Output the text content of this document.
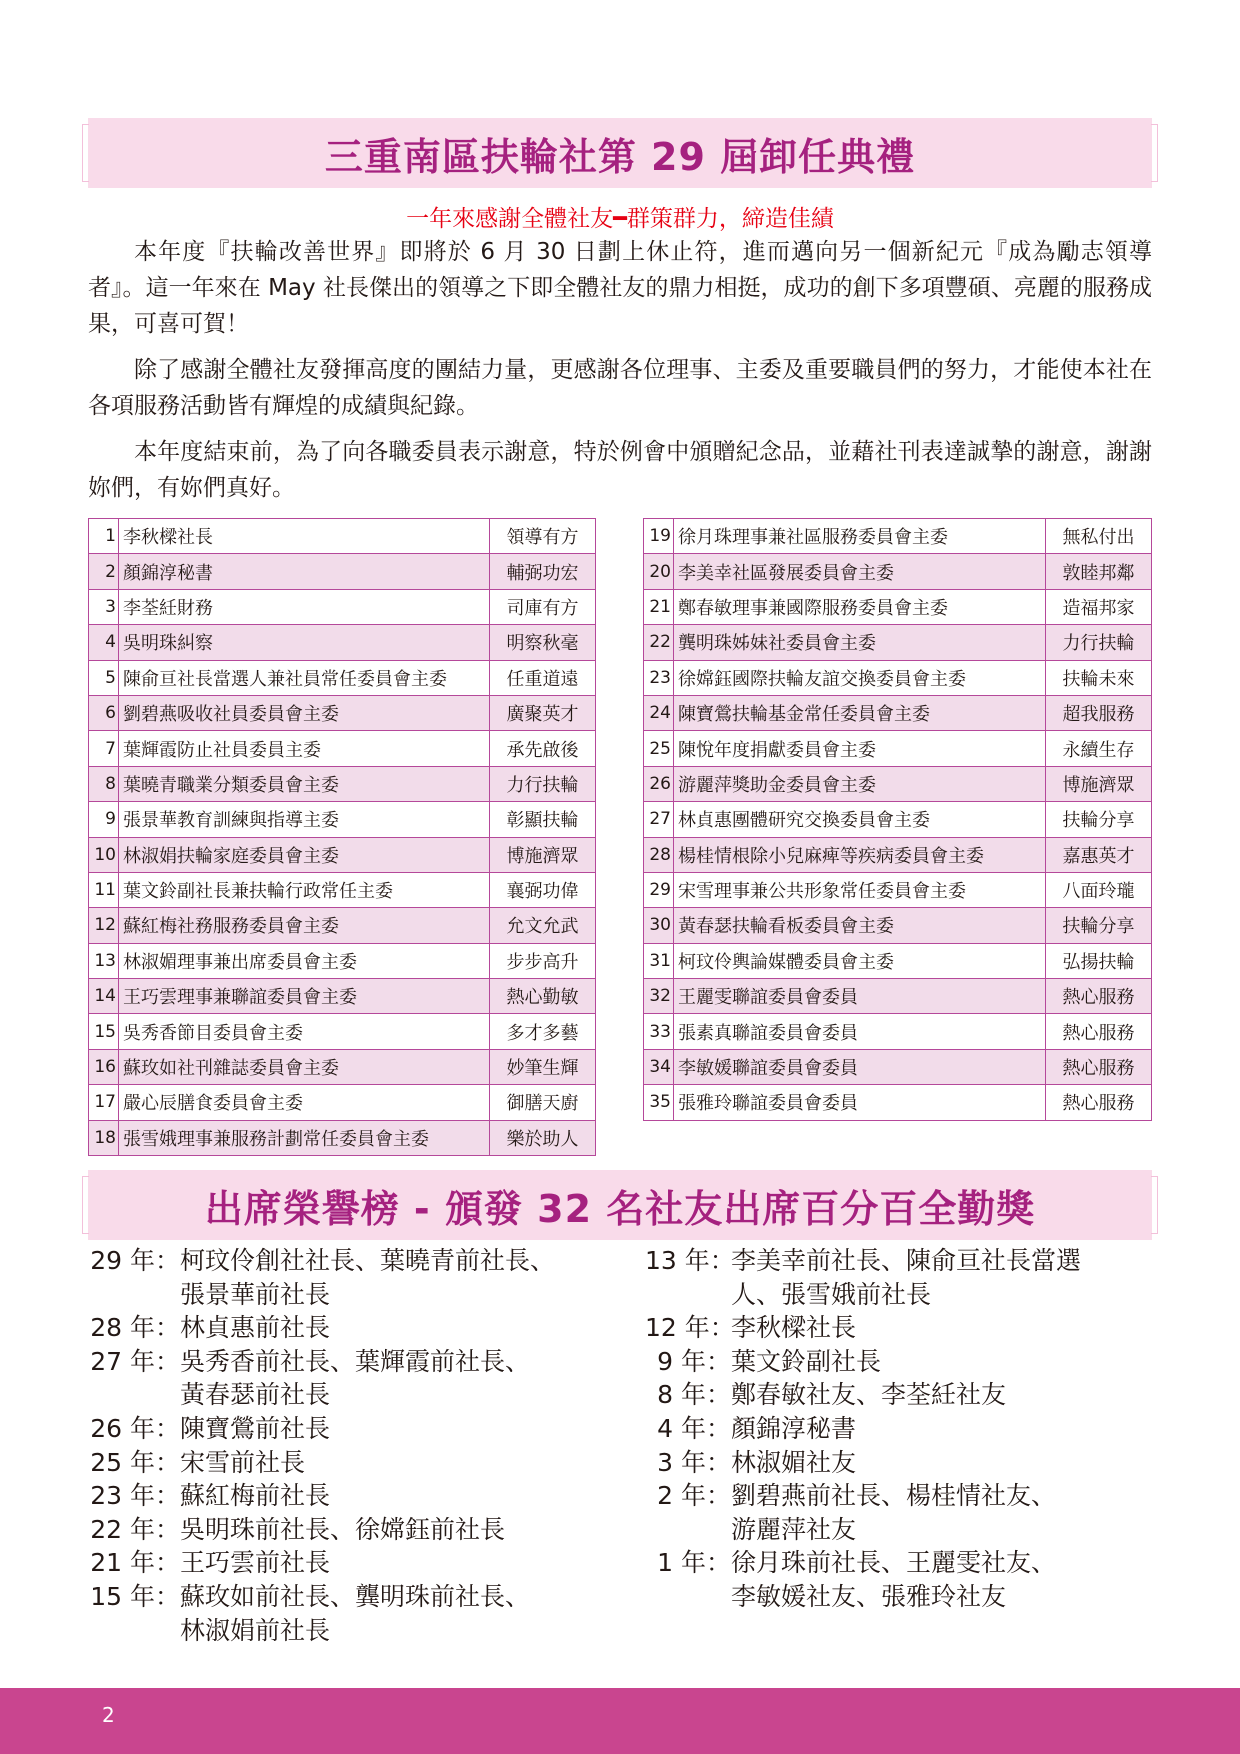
三重南區扶輪社第 29 屆卸任典禮
一年來感謝全體社友━群策群力，締造佳績

本年度『扶輪改善世界』即將於 6 月 30 日劃上休止符，進而邁向另一個新紀元『成為勵志領導者』。這一年來在 May 社長傑出的領導之下即全體社友的鼎力相挺，成功的創下多項豐碩、亮麗的服務成果，可喜可賀！

除了感謝全體社友發揮高度的團結力量，更感謝各位理事、主委及重要職員們的努力，才能使本社在各項服務活動皆有輝煌的成績與紀錄。

本年度結束前，為了向各職委員表示謝意，特於例會中頒贈紀念品，並藉社刊表達誠摯的謝意，謝謝妳們，有妳們真好。

1	李秋樑社長	領導有方
2	顏錦淳秘書	輔弼功宏
3	李荃紝財務	司庫有方
4	吳明珠糾察	明察秋毫
5	陳俞亘社長當選人兼社員常任委員會主委	任重道遠
6	劉碧燕吸收社員委員會主委	廣聚英才
7	葉輝霞防止社員委員主委	承先啟後
8	葉曉青職業分類委員會主委	力行扶輪
9	張景華教育訓練與指導主委	彰顯扶輪
10	林淑娟扶輪家庭委員會主委	博施濟眾
11	葉文鈴副社長兼扶輪行政常任主委	襄弼功偉
12	蘇紅梅社務服務委員會主委	允文允武
13	林淑媚理事兼出席委員會主委	步步高升
14	王巧雲理事兼聯誼委員會主委	熱心勤敏
15	吳秀香節目委員會主委	多才多藝
16	蘇玫如社刊雜誌委員會主委	妙筆生輝
17	嚴心辰膳食委員會主委	御膳天廚
18	張雪娥理事兼服務計劃常任委員會主委	樂於助人
19	徐月珠理事兼社區服務委員會主委	無私付出
20	李美幸社區發展委員會主委	敦睦邦鄰
21	鄭春敏理事兼國際服務委員會主委	造福邦家
22	龔明珠姊妹社委員會主委	力行扶輪
23	徐嫦鈺國際扶輪友誼交換委員會主委	扶輪未來
24	陳寶鶯扶輪基金常任委員會主委	超我服務
25	陳悅年度捐獻委員會主委	永續生存
26	游麗萍獎助金委員會主委	博施濟眾
27	林貞惠團體研究交換委員會主委	扶輪分享
28	楊桂情根除小兒麻痺等疾病委員會主委	嘉惠英才
29	宋雪理事兼公共形象常任委員會主委	八面玲瓏
30	黃春瑟扶輪看板委員會主委	扶輪分享
31	柯玟伶輿論媒體委員會主委	弘揚扶輪
32	王麗雯聯誼委員會委員	熱心服務
33	張素真聯誼委員會委員	熱心服務
34	李敏媛聯誼委員會委員	熱心服務
35	張雅玲聯誼委員會委員	熱心服務
出席榮譽榜 - 頒發 32 名社友出席百分百全勤獎
29 年： 柯玟伶創社社長、葉曉青前社長、
張景華前社長
28 年： 林貞惠前社長
27 年： 吳秀香前社長、葉輝霞前社長、
黃春瑟前社長
26 年： 陳寶鶯前社長
25 年： 宋雪前社長
23 年： 蘇紅梅前社長
22 年： 吳明珠前社長、徐嫦鈺前社長
21 年： 王巧雲前社長
15 年： 蘇玫如前社長、龔明珠前社長、
林淑娟前社長
13 年：
李美幸前社長、陳俞亘社長當選
人、張雪娥前社長
12 年：
李秋樑社長
9 年： 葉文鈴副社長
8 年： 鄭春敏社友、李荃紝社友
4 年： 顏錦淳秘書
3 年： 林淑媚社友
2 年： 劉碧燕前社長、楊桂情社友、
游麗萍社友
1 年： 徐月珠前社長、王麗雯社友、
李敏媛社友、張雅玲社友
2
